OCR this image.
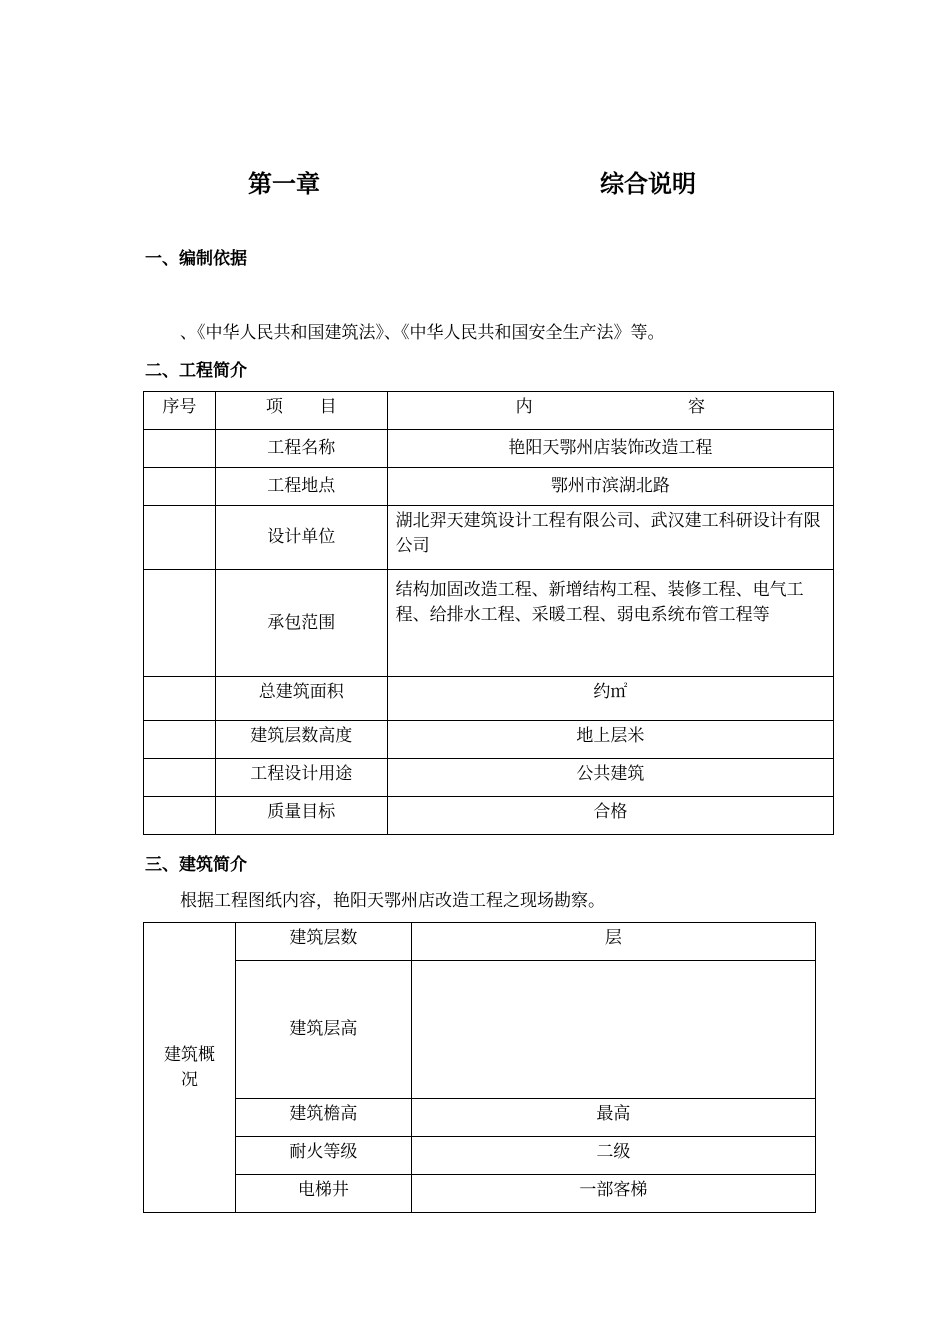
第一章	综合说明
一、编制依据
、《中华人民共和国建筑法》、《中华人民共和国安全生产法》等。
二、工程简介
序号	项 目	内 容

	工程名称	艳阳天鄂州店装饰改造工程
	工程地点	鄂州市滨湖北路
	设计单位	湖北羿天建筑设计工程有限公司、武汉建工科研设计有限公司
	承包范围	结构加固改造工程、新增结构工程、装修工程、电气工程、给排水工程、采暖工程、弱电系统布管工程等
	总建筑面积	约㎡
	建筑层数高度	地上层米
	工程设计用途	公共建筑
	质量目标	合格
三、建筑简介
根据工程图纸内容，艳阳天鄂州店改造工程之现场勘察。
建筑概况	建筑层数	层
	建筑层高	
	建筑檐高	最高
	耐火等级	二级
	电梯井	一部客梯
